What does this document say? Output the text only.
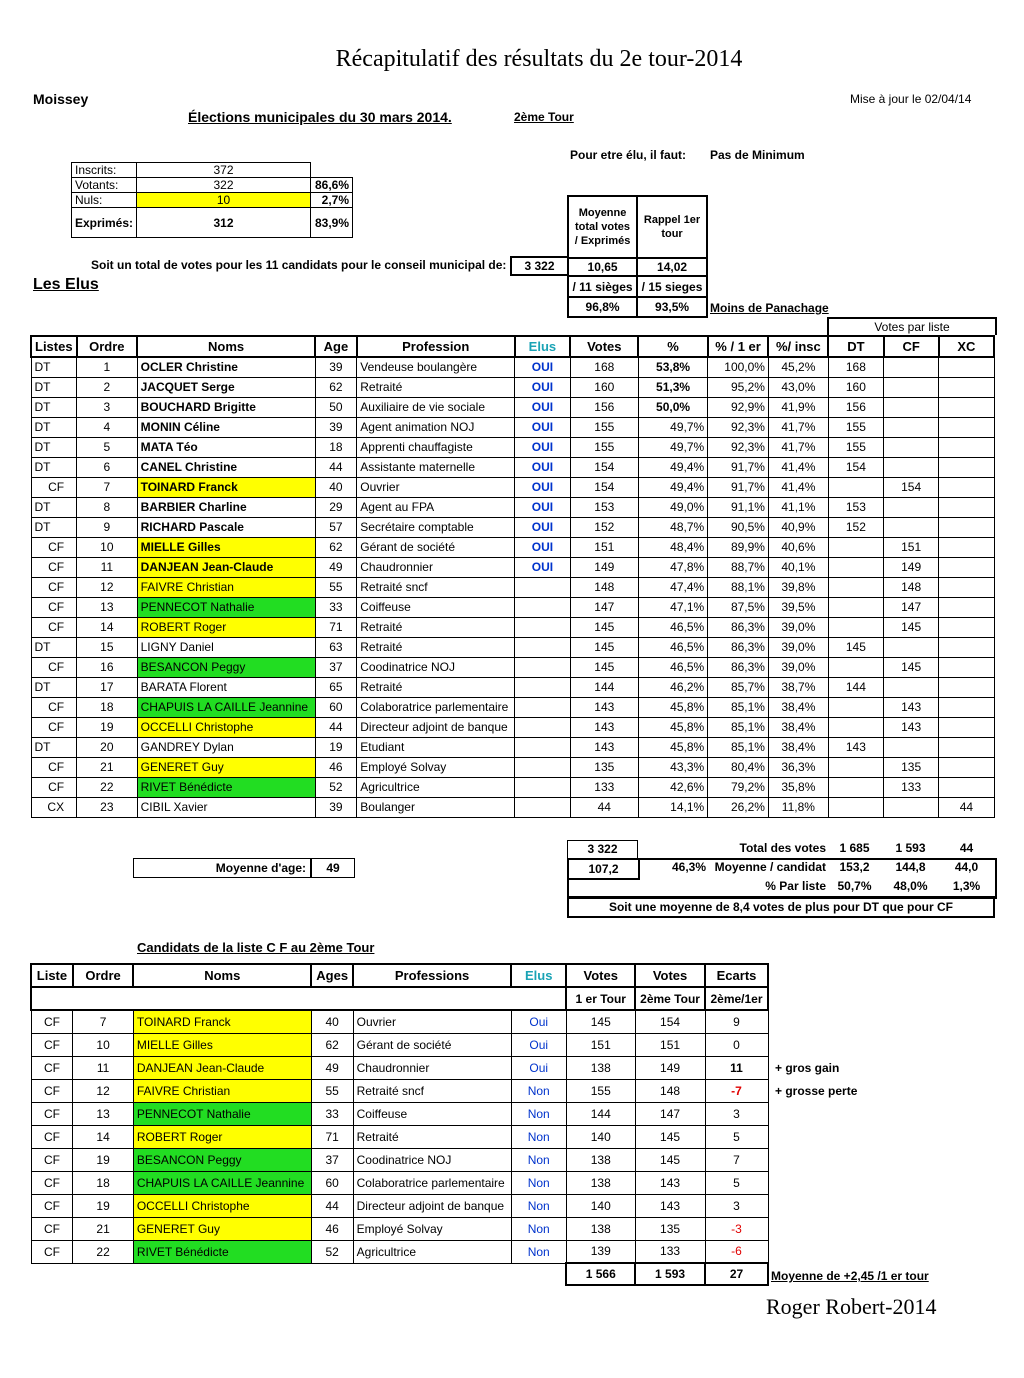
Récapitulatif des résultats du 2e tour-2014
Moissey	Mise à jour le 02/04/14
Élections municipales du 30 mars 2014.	2ème Tour
Pour etre élu, il faut: Pas de Minimum
Inscrits:	372	
Votants:	322	86,6%
Nuls:	10	2,7%
Exprimés:	312	83,9%
Moyenne total votes / Exprimés	Rappel 1er tour
10,65	14,02
/ 11 sièges	/ 15 sieges
96,8%	93,5% Moins de Panachage
Soit un total de votes pour les 11 candidats pour le conseil municipal de:	3 322
Les Elus
Votes par liste
Listes	Ordre	Noms	Age	Profession	Elus	Votes	%	% / 1 er	%/ insc	DT	CF	XC
DT	1	OCLER Christine	39	Vendeuse boulangère	OUI	168	53,8%	100,0%	45,2%	168		
DT	2	JACQUET Serge	62	Retraité	OUI	160	51,3%	95,2%	43,0%	160		
DT	3	BOUCHARD Brigitte	50	Auxiliaire de vie sociale	OUI	156	50,0%	92,9%	41,9%	156		
DT	4	MONIN Céline	39	Agent animation NOJ	OUI	155	49,7%	92,3%	41,7%	155		
DT	5	MATA Téo	18	Apprenti chauffagiste	OUI	155	49,7%	92,3%	41,7%	155		
DT	6	CANEL Christine	44	Assistante maternelle	OUI	154	49,4%	91,7%	41,4%	154		
CF	7	TOINARD Franck	40	Ouvrier	OUI	154	49,4%	91,7%	41,4%		154	
DT	8	BARBIER Charline	29	Agent au FPA	OUI	153	49,0%	91,1%	41,1%	153		
DT	9	RICHARD Pascale	57	Secrétaire comptable	OUI	152	48,7%	90,5%	40,9%	152		
CF	10	MIELLE Gilles	62	Gérant de société	OUI	151	48,4%	89,9%	40,6%		151	
CF	11	DANJEAN Jean-Claude	49	Chaudronnier	OUI	149	47,8%	88,7%	40,1%		149	
CF	12	FAIVRE Christian	55	Retraité sncf		148	47,4%	88,1%	39,8%		148	
CF	13	PENNECOT Nathalie	33	Coiffeuse		147	47,1%	87,5%	39,5%		147	
CF	14	ROBERT Roger	71	Retraité		145	46,5%	86,3%	39,0%		145	
DT	15	LIGNY Daniel	63	Retraité		145	46,5%	86,3%	39,0%	145		
CF	16	BESANCON Peggy	37	Coodinatrice NOJ		145	46,5%	86,3%	39,0%		145	
DT	17	BARATA Florent	65	Retraité		144	46,2%	85,7%	38,7%	144		
CF	18	CHAPUIS LA CAILLE Jeannine	60	Colaboratrice parlementaire		143	45,8%	85,1%	38,4%		143	
CF	19	OCCELLI Christophe	44	Directeur adjoint de banque		143	45,8%	85,1%	38,4%		143	
DT	20	GANDREY Dylan	19	Etudiant		143	45,8%	85,1%	38,4%	143		
CF	21	GENERET Guy	46	Employé Solvay		135	43,3%	80,4%	36,3%		135	
CF	22	RIVET Bénédicte	52	Agricultrice		133	42,6%	79,2%	35,8%		133	
CX	23	CIBIL Xavier	39	Boulanger		44	14,1%	26,2%	11,8%			44
3 322	Total des votes	1 685	1 593	44
Moyenne d'age:	49	107,2	46,3% Moyenne / candidat	153,2	144,8	44,0
% Par liste 50,7%	48,0%	1,3%
Soit une moyenne de 8,4 votes de plus pour DT que pour CF
Candidats de la liste C F au 2ème Tour
Liste	Ordre	Noms	Ages	Professions	Elus	Votes	Votes	Ecarts
						1 er Tour	2ème Tour	2ème/1er
CF	7	TOINARD Franck	40	Ouvrier	Oui	145	154	9
CF	10	MIELLE Gilles	62	Gérant de société	Oui	151	151	0
CF	11	DANJEAN Jean-Claude	49	Chaudronnier	Oui	138	149	11
CF	12	FAIVRE Christian	55	Retraité sncf	Non	155	148	-7
CF	13	PENNECOT Nathalie	33	Coiffeuse	Non	144	147	3
CF	14	ROBERT Roger	71	Retraité	Non	140	145	5
CF	19	BESANCON Peggy	37	Coodinatrice NOJ	Non	138	145	7
CF	18	CHAPUIS LA CAILLE Jeannine	60	Colaboratrice parlementaire	Non	138	143	5
CF	19	OCCELLI Christophe	44	Directeur adjoint de banque	Non	140	143	3
CF	21	GENERET Guy	46	Employé Solvay	Non	138	135	-3
CF	22	RIVET Bénédicte	52	Agricultrice	Non	139	133	-6
						1 566	1 593	27 Moyenne de +2,45 /1 er tour
+ gros gain
+ grosse perte
Roger Robert-2014
